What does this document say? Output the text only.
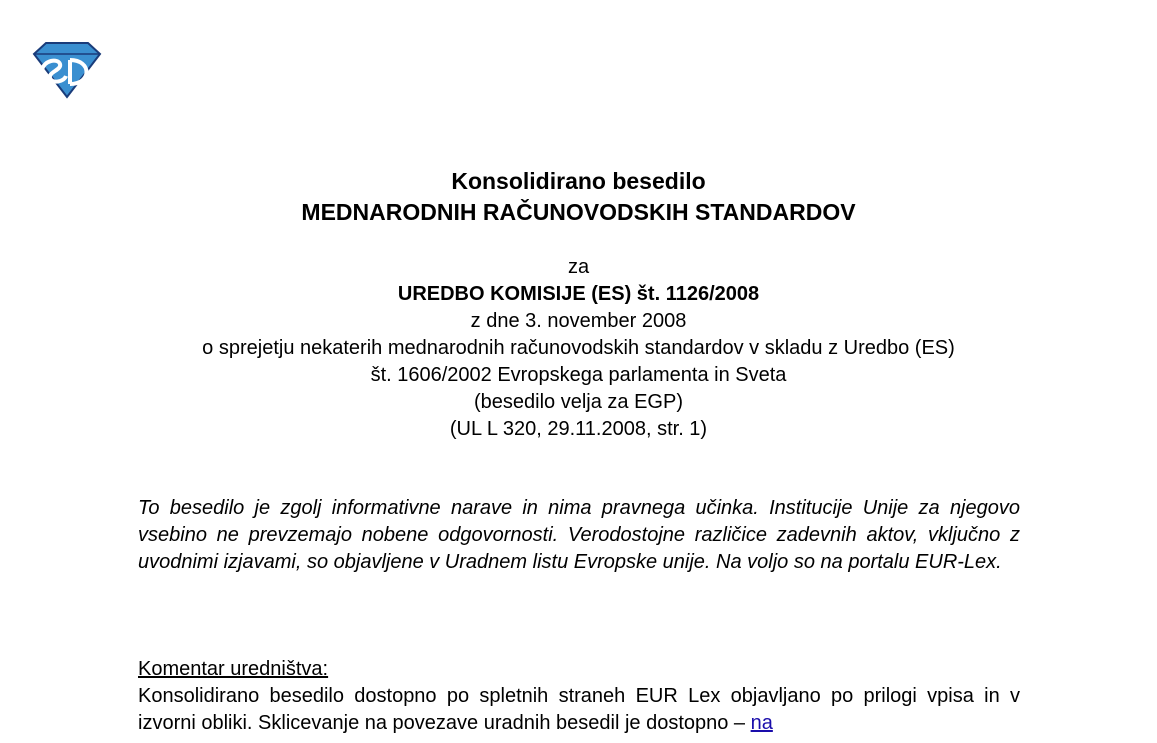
Konsolidirano besedilo
MEDNARODNIH RAČUNOVODSKIH STANDARDOV
za
UREDBO KOMISIJE (ES) št. 1126/2008
z dne 3. november 2008
o sprejetju nekaterih mednarodnih računovodskih standardov v skladu z Uredbo (ES)
št. 1606/2002 Evropskega parlamenta in Sveta
(besedilo velja za EGP)
(UL L 320, 29.11.2008, str. 1)
To besedilo je zgolj informativne narave in nima pravnega učinka. Institucije Unije za njegovo vsebino ne prevzemajo nobene odgovornosti. Verodostojne različice zadevnih aktov, vključno z uvodnimi izjavami, so objavljene v Uradnem listu Evropske unije. Na voljo so na portalu EUR-Lex.
Komentar uredništva:
Konsolidirano besedilo dostopno po spletnih straneh EUR Lex objavljano po prilogi vpisa in v izvorni obliki. Sklicevanje na povezave uradnih besedil je dostopno – na
